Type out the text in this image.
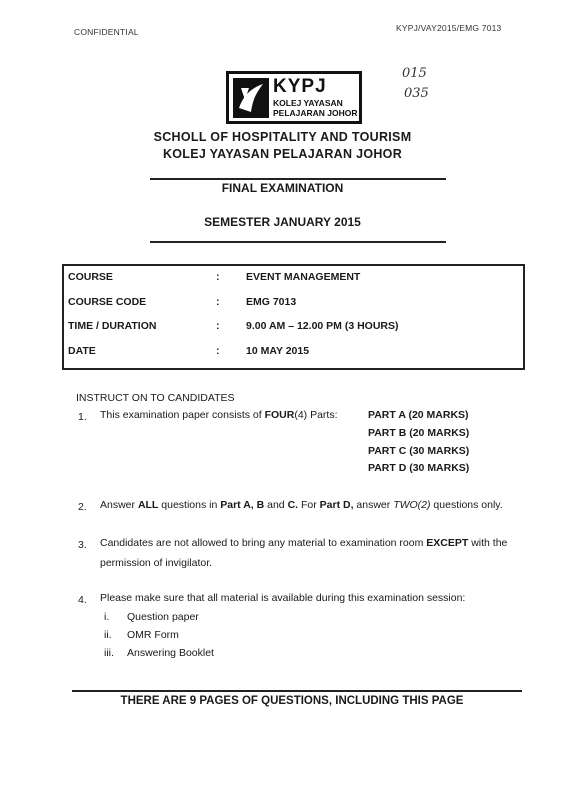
CONFIDENTIAL	KYPJ/VAY2015/EMG 7013
KYPJ
KOLEJ YAYASAN
PELAJARAN JOHOR
015
035
SCHOLL OF HOSPITALITY AND TOURISM
KOLEJ YAYASAN PELAJARAN JOHOR
FINAL EXAMINATION
SEMESTER JANUARY 2015
COURSE	:	EVENT MANAGEMENT
COURSE CODE	:	EMG 7013
TIME / DURATION	:	9.00 AM – 12.00 PM (3 HOURS)
DATE	:	10 MAY 2015
INSTRUCT ON TO CANDIDATES
1. This examination paper consists of FOUR(4) Parts:	PART A (20 MARKS)
PART B (20 MARKS)
PART C (30 MARKS)
PART D (30 MARKS)
2. Answer ALL questions in Part A, B and C. For Part D, answer TWO(2) questions only.
3. Candidates are not allowed to bring any material to examination room EXCEPT with the
permission of invigilator.
4. Please make sure that all material is available during this examination session:
i. Question paper
ii. OMR Form
iii. Answering Booklet
THERE ARE 9 PAGES OF QUESTIONS, INCLUDING THIS PAGE
